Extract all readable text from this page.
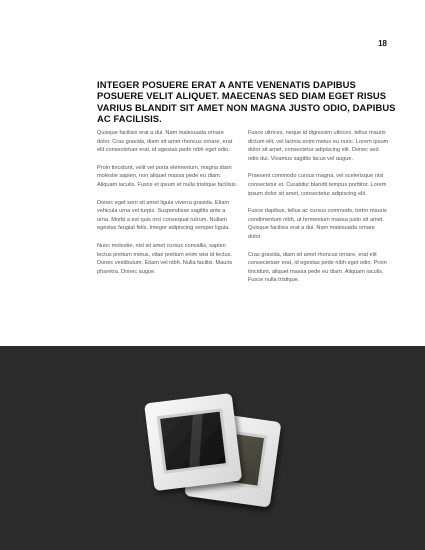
18
INTEGER POSUERE ERAT A ANTE VENENATIS DAPIBUS POSUERE VELIT ALIQUET. MAECENAS SED DIAM EGET RISUS VARIUS BLANDIT SIT AMET NON MAGNA JUSTO ODIO, DAPIBUS AC FACILISIS.

Quisque facilisis erat a dui. Nam malesuada ornare dolor. Cras gravida, diam sit amet rhoncus ornare, erat elit consectetuer erat, id egestas pede nibh eget odio.

Proin tincidunt, velit vel porta elementum, magna diam molestie sapien, non aliquet massa pede eu diam. Aliquam iaculis. Fusce et ipsum et nulla tristique facilisis.

Donec eget sem sit amet ligula viverra gravida. Etiam vehicula urna vel turpis. Suspendisse sagittis ante a urna. Morbi a est quis orci consequat rutrum. Nullam egestas feugiat felis. Integer adipiscing semper ligula.

Nunc molestie, nisl sit amet cursus convallis, sapien lectus pretium metus, vitae pretium enim wisi id lectus. Donec vestibulum. Etiam vel nibh. Nulla facilisi. Mauris pharetra. Donec augue.

Fusce ultrices, neque id dignissim ultrices, tellus mauris dictum elit, vel lacinia enim metus eu nunc. Lorem ipsum dolor sit amet, consectetur adipiscing elit. Donec sed odio dui. Vivamus sagittis lacus vel augue.

Praesent commodo cursus magna, vel scelerisque nisl consectetur et. Curabitur blandit tempus porttitor. Lorem ipsum dolor sit amet, consectetur adipiscing elit.

Fusce dapibus, tellus ac cursus commodo, tortor mauris condimentum nibh, ut fermentum massa justo sit amet. Quisque facilisis erat a dui. Nam malesuada ornare dolor.

Cras gravida, diam sit amet rhoncus ornare, erat elit consectetuer erat, id egestas pede nibh eget odio. Proin tincidunt, aliquet massa pede eu diam. Aliquam iaculis. Fusce nulla tristique.
